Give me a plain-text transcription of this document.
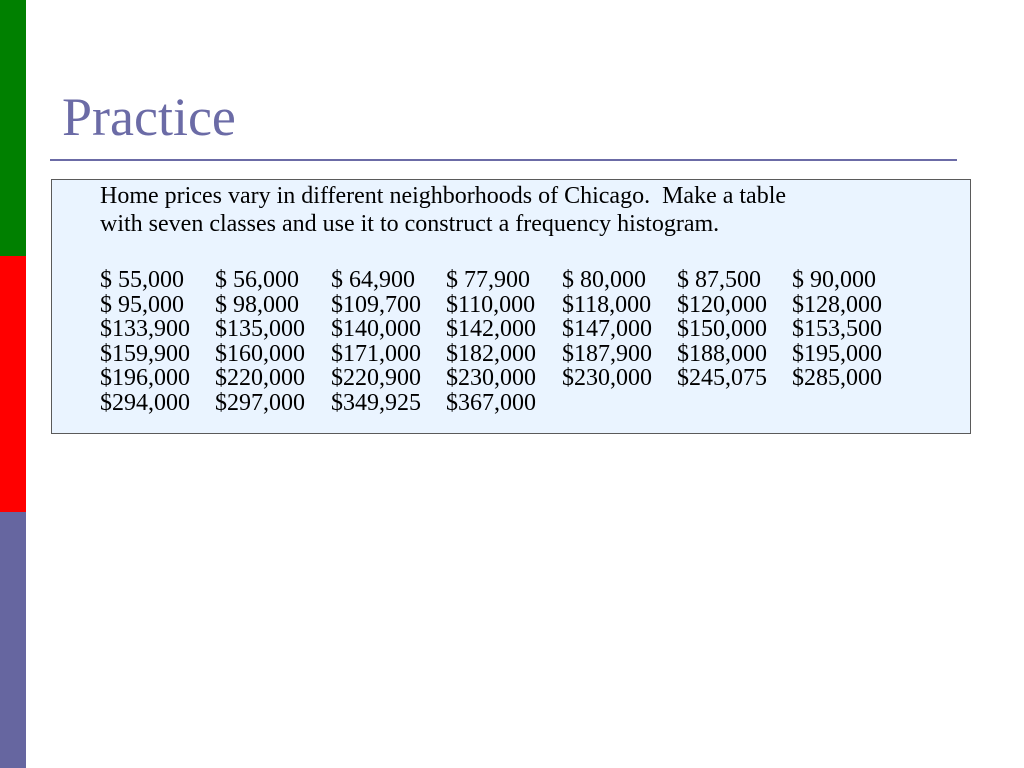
Practice
Home prices vary in different neighborhoods of Chicago.  Make a table
with seven classes and use it to construct a frequency histogram.
$ 55,000 $ 56,000 $ 64,900 $ 77,900 $ 80,000 $ 87,500 $ 90,000
$ 95,000 $ 98,000 $109,700 $110,000 $118,000 $120,000 $128,000
$133,900 $135,000 $140,000 $142,000 $147,000 $150,000 $153,500
$159,900 $160,000 $171,000 $182,000 $187,900 $188,000 $195,000
$196,000 $220,000 $220,900 $230,000 $230,000 $245,075 $285,000
$294,000 $297,000 $349,925 $367,000
